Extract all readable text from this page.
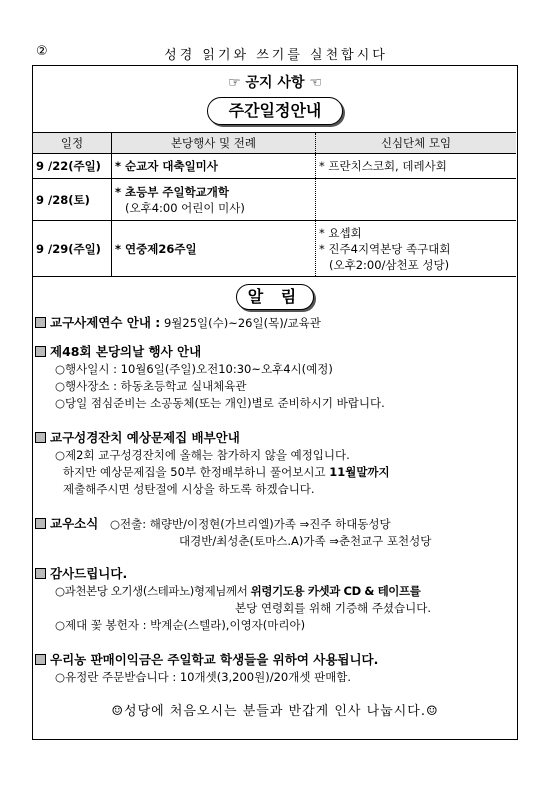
②	성경 읽기와 쓰기를 실천합시다
☞ 공지 사항 ☜
주간일정안내
일정	본당행사 및 전례	신심단체 모임
9 /22(주일)	* 순교자 대축일미사	* 프란치스코회, 데레사회
9 /28(토)	* 초등부 주일학교개학
(오후4:00 어린이 미사)	

9 /29(주일)	* 연중제26주일	* 요셉회
* 진주4지역본당 족구대회
(오후2:00/삼천포 성당)
알 림
교구사제연수 안내 : 9월25일(수)~26일(목)/교육관
제48회 본당의날 행사 안내
○행사일시 : 10월6일(주일)오전10:30~오후4시(예정)
○행사장소 : 하동초등학교 실내체육관
○당일 점심준비는 소공동체(또는 개인)별로 준비하시기 바랍니다.
교구성경잔치 예상문제집 배부안내
○제2회 교구성경잔치에 올해는 참가하지 않을 예정입니다.
하지만 예상문제집을 50부 한정배부하니 풀어보시고 11월말까지
제출해주시면 성탄절에 시상을 하도록 하겠습니다.
교우소식 ○전출: 해량반/이정현(가브리엘)가족 ⇒진주 하대동성당
대경반/최성춘(토마스.A)가족 ⇒춘천교구 포천성당
감사드립니다.
○과천본당 오기생(스테파노)형제님께서 위령기도용 카셋과 CD & 테이프를
본당 연령회를 위해 기증해 주셨습니다.
○제대 꽃 봉헌자 : 박계순(스텔라),이영자(마리아)
우리농 판매이익금은 주일학교 학생들을 위하여 사용됩니다.
○유정란 주문받습니다 : 10개셋(3,200원)/20개셋 판매함.
☺성당에 처음오시는 분들과 반갑게 인사 나눕시다.☺
